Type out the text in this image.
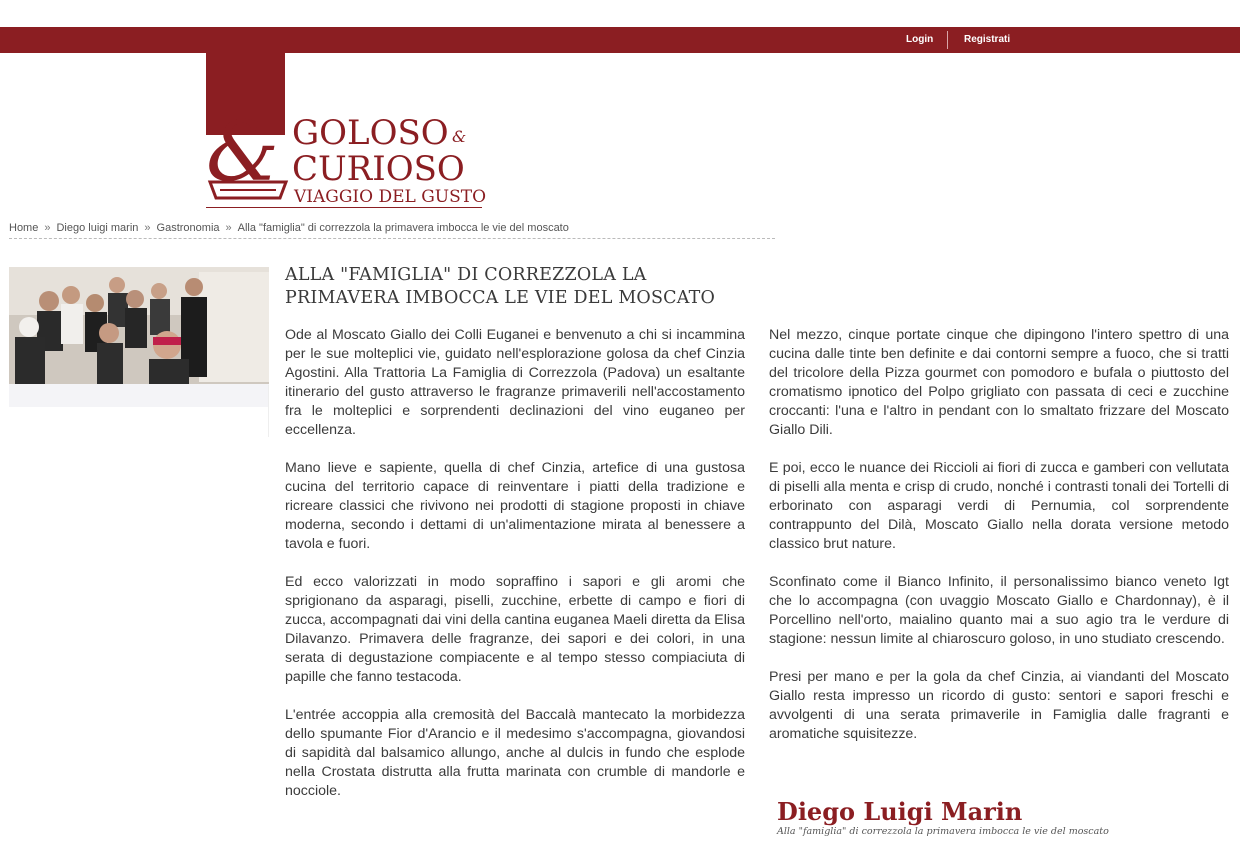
Login	Registrati
& GOLOSO &
CURIOSO
VIAGGIO DEL GUSTO
Home » Diego luigi marin » Gastronomia » Alla "famiglia" di correzzola la primavera imbocca le vie del moscato
ALLA "FAMIGLIA" DI CORREZZOLA LA PRIMAVERA IMBOCCA LE VIE DEL MOSCATO

Ode al Moscato Giallo dei Colli Euganei e benvenuto a chi si incammina per le sue molteplici vie, guidato nell'esplorazione golosa da chef Cinzia Agostini. Alla Trattoria La Famiglia di Correzzola (Padova) un esaltante itinerario del gusto attraverso le fragranze primaverili nell'accostamento fra le molteplici e sorprendenti declinazioni del vino euganeo per eccellenza.

Mano lieve e sapiente, quella di chef Cinzia, artefice di una gustosa cucina del territorio capace di reinventare i piatti della tradizione e ricreare classici che rivivono nei prodotti di stagione proposti in chiave moderna, secondo i dettami di un'alimentazione mirata al benessere a tavola e fuori.

Ed ecco valorizzati in modo sopraffino i sapori e gli aromi che sprigionano da asparagi, piselli, zucchine, erbette di campo e fiori di zucca, accompagnati dai vini della cantina euganea Maeli diretta da Elisa Dilavanzo. Primavera delle fragranze, dei sapori e dei colori, in una serata di degustazione compiacente e al tempo stesso compiaciuta di papille che fanno testacoda.

L'entrée accoppia alla cremosità del Baccalà mantecato la morbidezza dello spumante Fior d'Arancio e il medesimo s'accompagna, giovandosi di sapidità dal balsamico allungo, anche al dulcis in fundo che esplode nella Crostata distrutta alla frutta marinata con crumble di mandorle e nocciole.

Nel mezzo, cinque portate cinque che dipingono l'intero spettro di una cucina dalle tinte ben definite e dai contorni sempre a fuoco, che si tratti del tricolore della Pizza gourmet con pomodoro e bufala o piuttosto del cromatismo ipnotico del Polpo grigliato con passata di ceci e zucchine croccanti: l'una e l'altro in pendant con lo smaltato frizzare del Moscato Giallo Dili.

E poi, ecco le nuance dei Riccioli ai fiori di zucca e gamberi con vellutata di piselli alla menta e crisp di crudo, nonché i contrasti tonali dei Tortelli di erborinato con asparagi verdi di Pernumia, col sorprendente contrappunto del Dilà, Moscato Giallo nella dorata versione metodo classico brut nature.

Sconfinato come il Bianco Infinito, il personalissimo bianco veneto Igt che lo accompagna (con uvaggio Moscato Giallo e Chardonnay), è il Porcellino nell'orto, maialino quanto mai a suo agio tra le verdure di stagione: nessun limite al chiaroscuro goloso, in uno studiato crescendo.

Presi per mano e per la gola da chef Cinzia, ai viandanti del Moscato Giallo resta impresso un ricordo di gusto: sentori e sapori freschi e avvolgenti di una serata primaverile in Famiglia dalle fragranti e aromatiche squisitezze.

Diego Luigi Marin
Alla "famiglia" di correzzola la primavera imbocca le vie del moscato
